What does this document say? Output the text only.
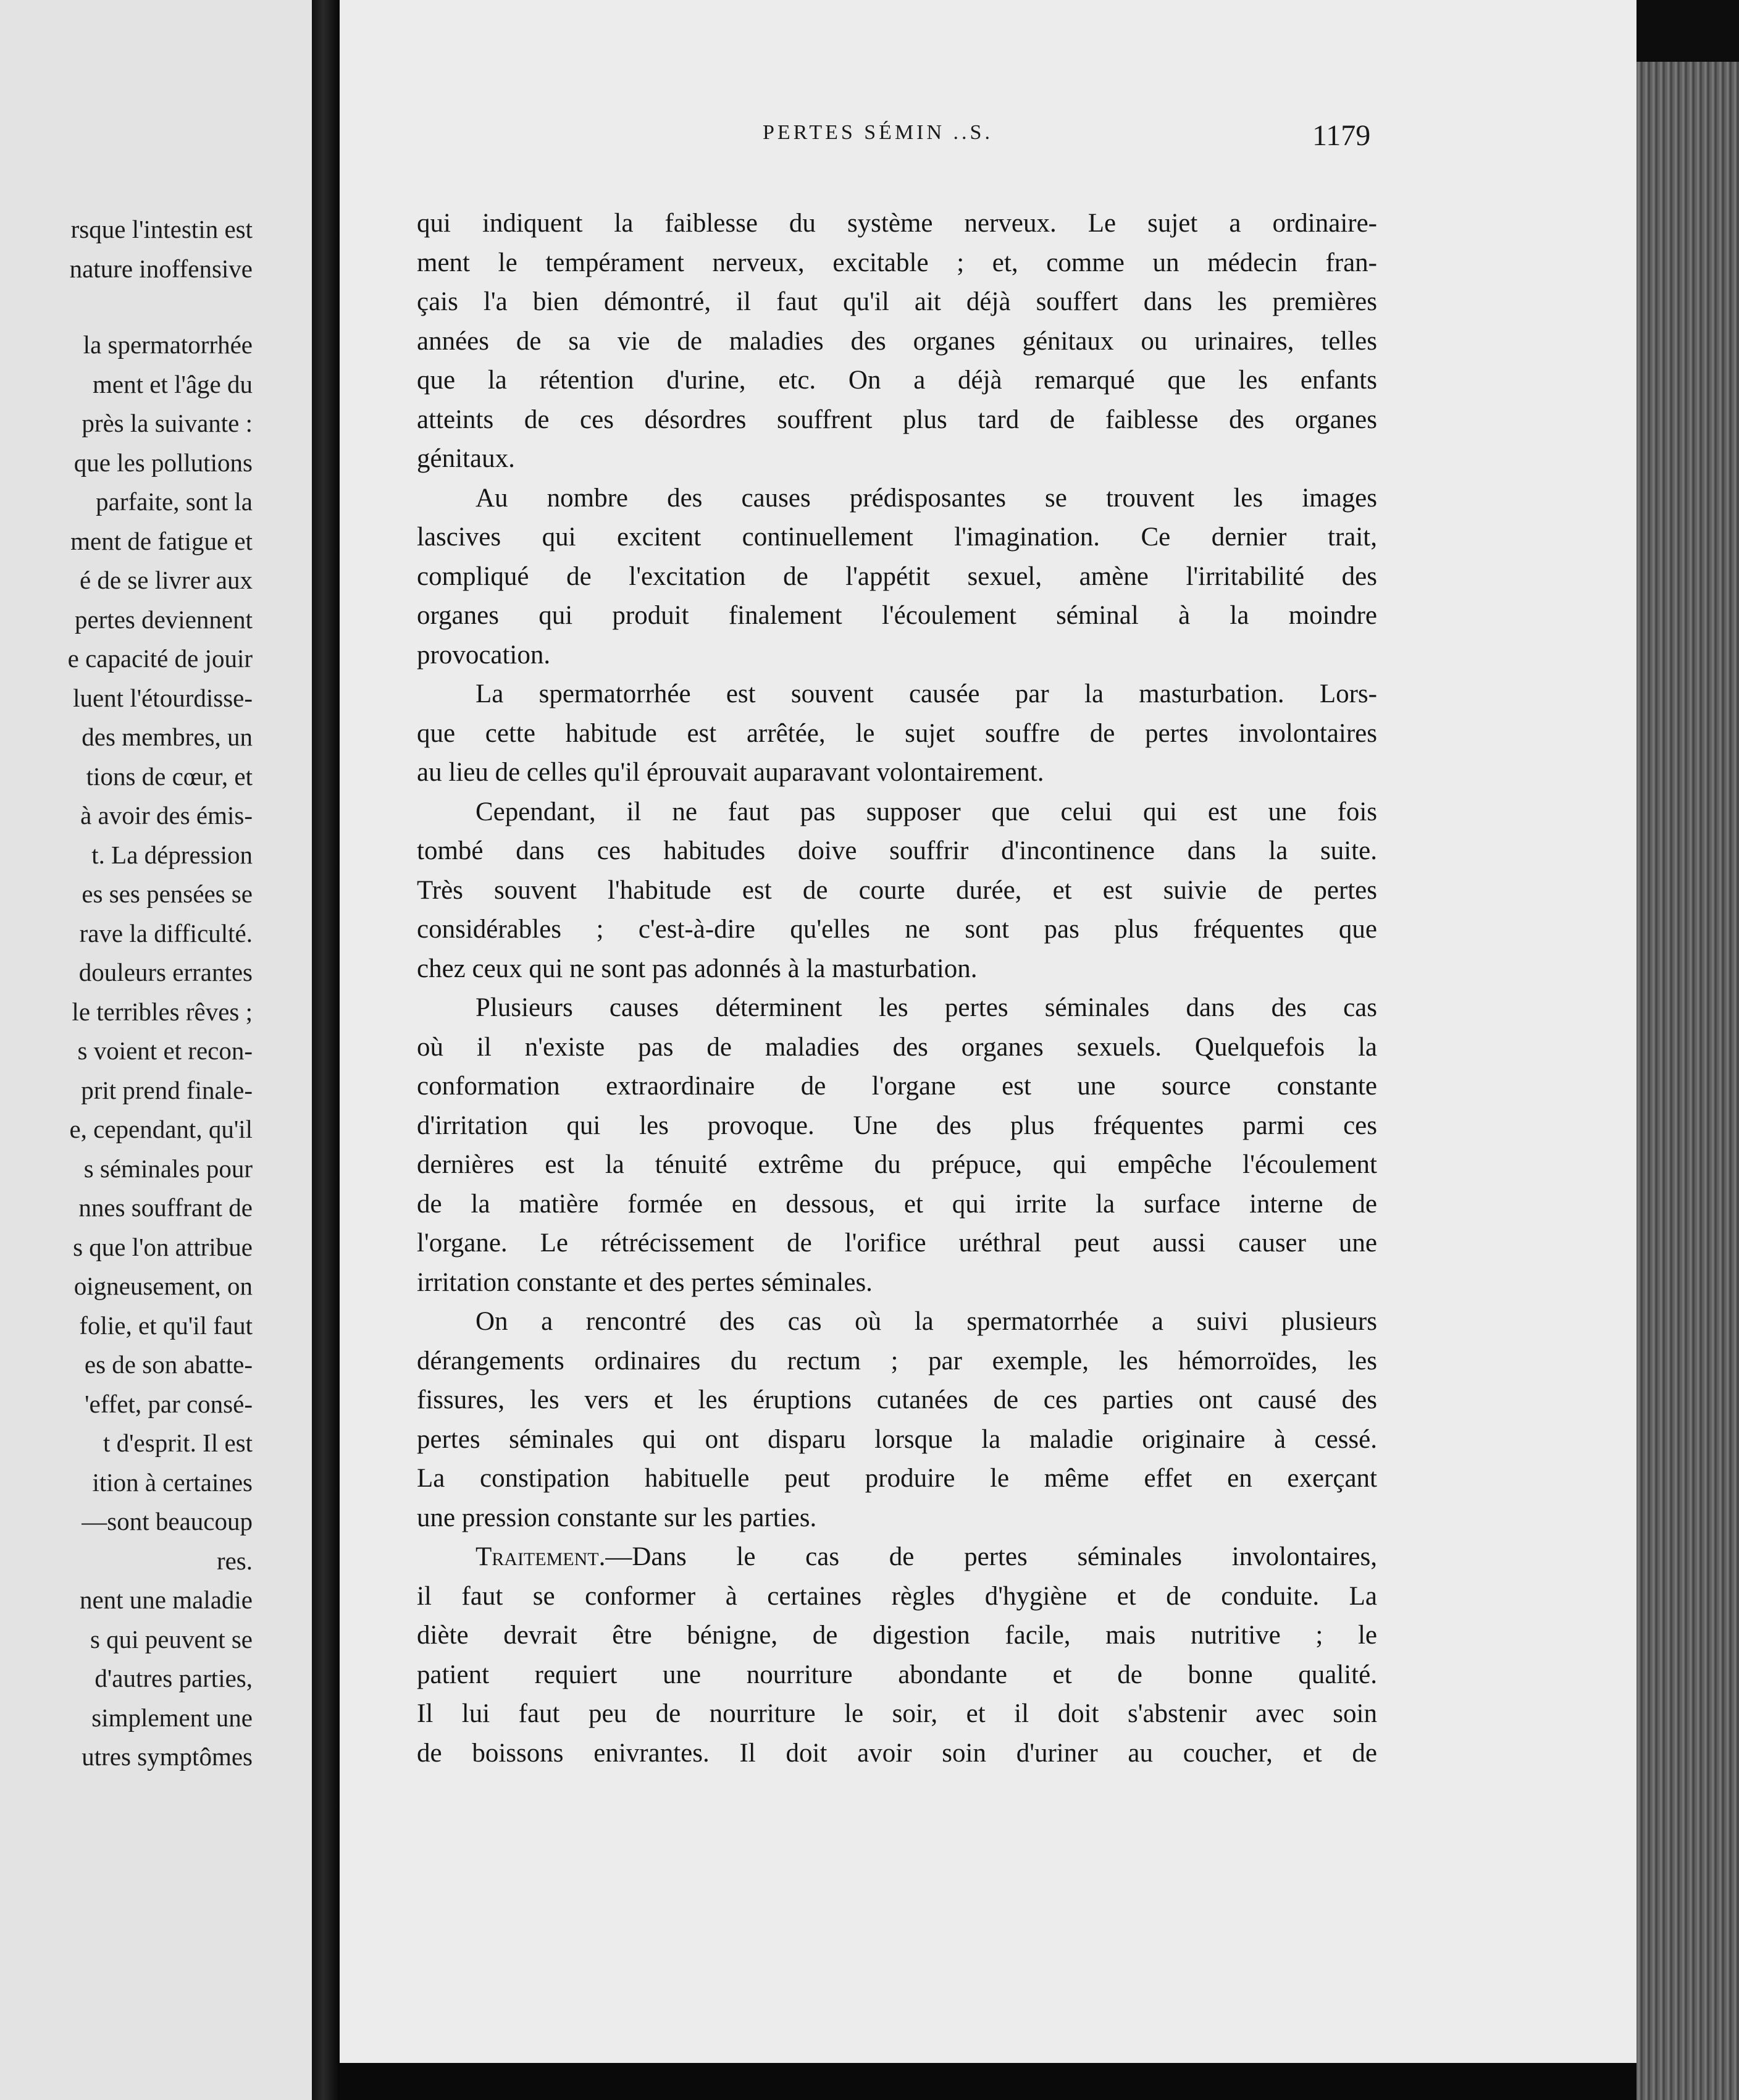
rsque l'intestin est
nature inoffensive
la spermatorrhée
ment et l'âge du
près la suivante :
que les pollutions
parfaite, sont la
ment de fatigue et
é de se livrer aux
pertes deviennent
e capacité de jouir
luent l'étourdisse-
des membres, un
tions de cœur, et
à avoir des émis-
t. La dépression
es ses pensées se
rave la difficulté.
douleurs errantes
le terribles rêves ;
s voient et recon-
prit prend finale-
e, cependant, qu'il
s séminales pour
nnes souffrant de
s que l'on attribue
oigneusement, on
folie, et qu'il faut
es de son abatte-
'effet, par consé-
t d'esprit. Il est
ition à certaines
—sont beaucoup
res.
nent une maladie
s qui peuvent se
d'autres parties,
simplement une
utres symptômes
PERTES SÉMIN ..S.	1179
qui indiquent la faiblesse du système nerveux. Le sujet a ordinaire-
ment le tempérament nerveux, excitable ; et, comme un médecin fran-
çais l'a bien démontré, il faut qu'il ait déjà souffert dans les premières
années de sa vie de maladies des organes génitaux ou urinaires, telles
que la rétention d'urine, etc. On a déjà remarqué que les enfants
atteints de ces désordres souffrent plus tard de faiblesse des organes
génitaux.
Au nombre des causes prédisposantes se trouvent les images
lascives qui excitent continuellement l'imagination. Ce dernier trait,
compliqué de l'excitation de l'appétit sexuel, amène l'irritabilité des
organes qui produit finalement l'écoulement séminal à la moindre
provocation.
La spermatorrhée est souvent causée par la masturbation. Lors-
que cette habitude est arrêtée, le sujet souffre de pertes involontaires
au lieu de celles qu'il éprouvait auparavant volontairement.
Cependant, il ne faut pas supposer que celui qui est une fois
tombé dans ces habitudes doive souffrir d'incontinence dans la suite.
Très souvent l'habitude est de courte durée, et est suivie de pertes
considérables ; c'est-à-dire qu'elles ne sont pas plus fréquentes que
chez ceux qui ne sont pas adonnés à la masturbation.
Plusieurs causes déterminent les pertes séminales dans des cas
où il n'existe pas de maladies des organes sexuels. Quelquefois la
conformation extraordinaire de l'organe est une source constante
d'irritation qui les provoque. Une des plus fréquentes parmi ces
dernières est la ténuité extrême du prépuce, qui empêche l'écoulement
de la matière formée en dessous, et qui irrite la surface interne de
l'organe. Le rétrécissement de l'orifice uréthral peut aussi causer une
irritation constante et des pertes séminales.
On a rencontré des cas où la spermatorrhée a suivi plusieurs
dérangements ordinaires du rectum ; par exemple, les hémorroïdes, les
fissures, les vers et les éruptions cutanées de ces parties ont causé des
pertes séminales qui ont disparu lorsque la maladie originaire à cessé.
La constipation habituelle peut produire le même effet en exerçant
une pression constante sur les parties.
Traitement.—Dans le cas de pertes séminales involontaires,
il faut se conformer à certaines règles d'hygiène et de conduite. La
diète devrait être bénigne, de digestion facile, mais nutritive ; le
patient requiert une nourriture abondante et de bonne qualité.
Il lui faut peu de nourriture le soir, et il doit s'abstenir avec soin
de boissons enivrantes. Il doit avoir soin d'uriner au coucher, et de
